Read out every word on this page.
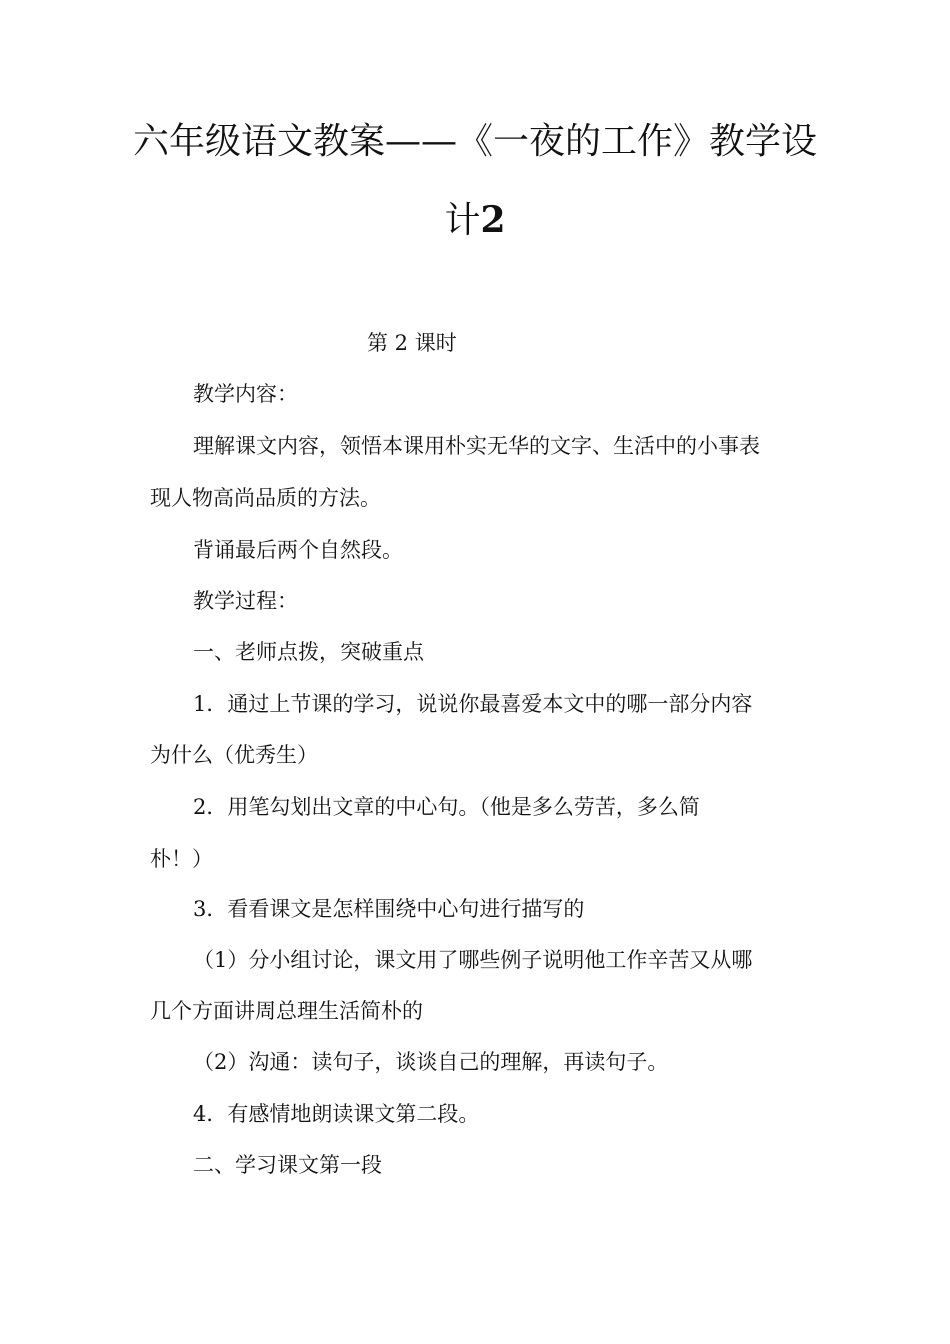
六年级语文教案——《一夜的工作》教学设
计2
第 2 课时
教学内容：
理解课文内容，领悟本课用朴实无华的文字、生活中的小事表
现人物高尚品质的方法。
背诵最后两个自然段。
教学过程：
一、老师点拨，突破重点
1．通过上节课的学习，说说你最喜爱本文中的哪一部分内容
为什么（优秀生）
2．用笔勾划出文章的中心句。（他是多么劳苦，多么简
朴！）
3．看看课文是怎样围绕中心句进行描写的
（1）分小组讨论，课文用了哪些例子说明他工作辛苦又从哪
几个方面讲周总理生活简朴的
（2）沟通：读句子，谈谈自己的理解，再读句子。
4．有感情地朗读课文第二段。
二、学习课文第一段
